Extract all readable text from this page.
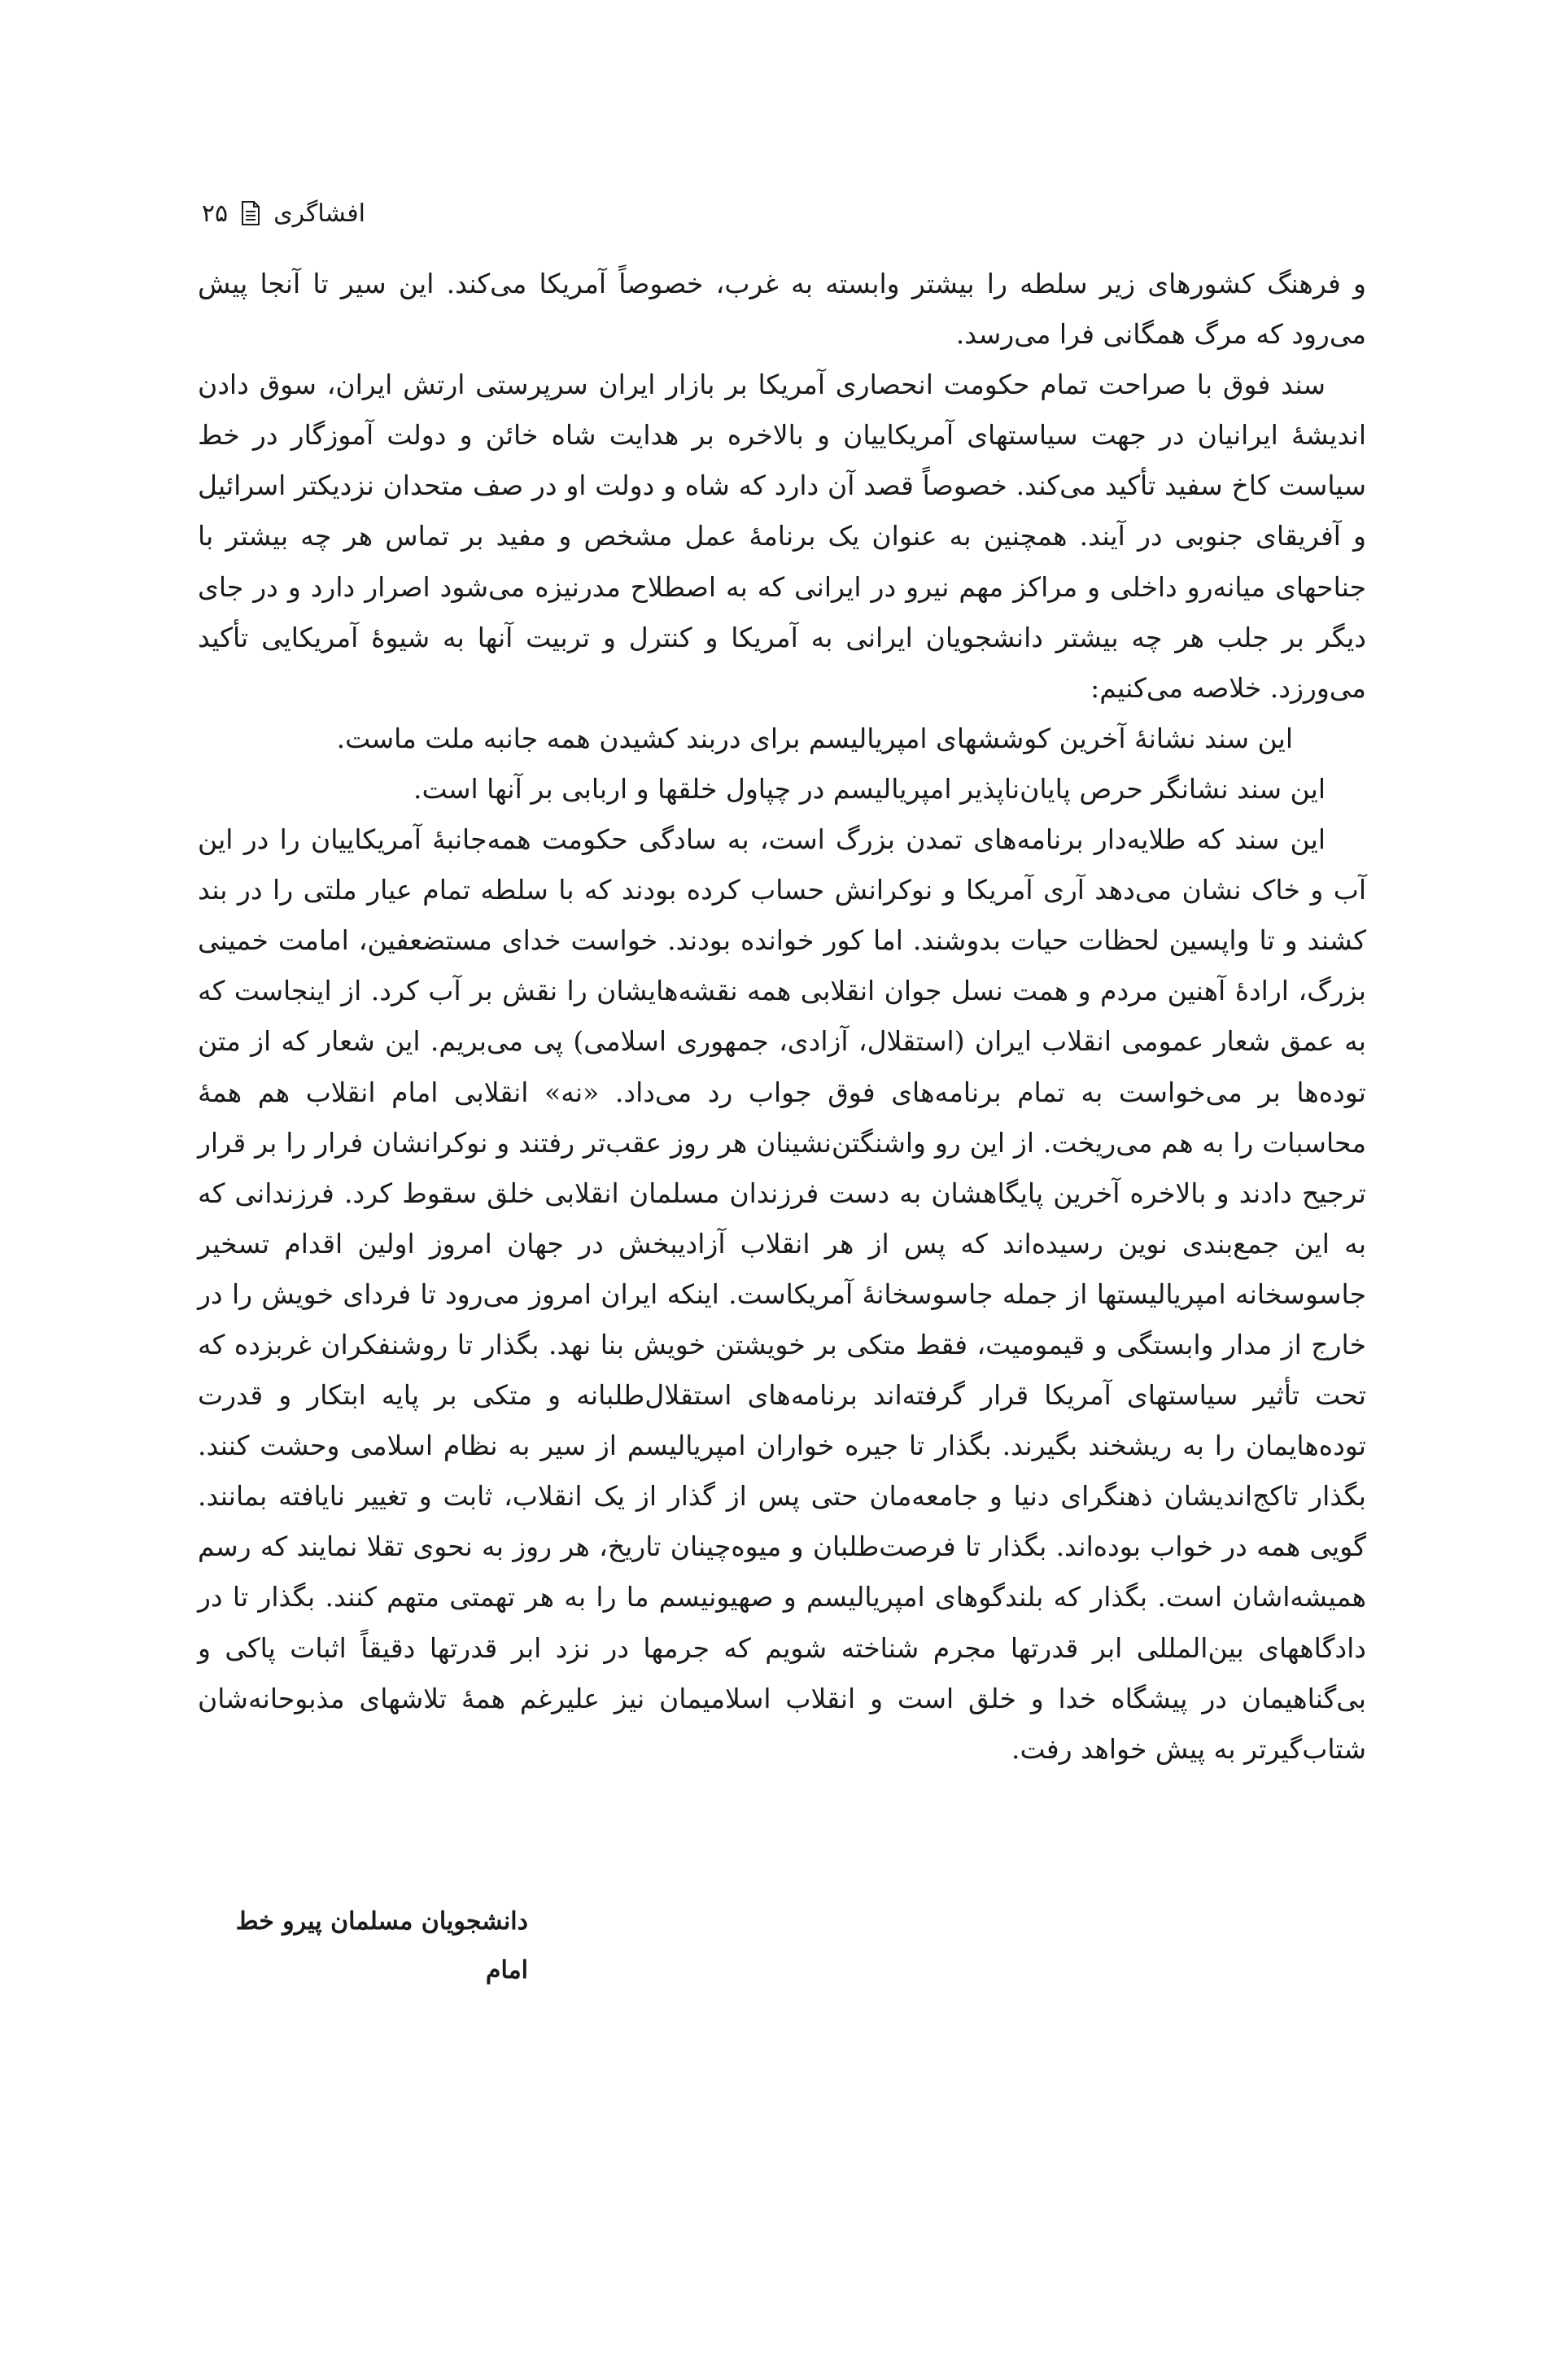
افشاگری
۲۵

و فرهنگ کشورهای زیر سلطه را بیشتر وابسته به غرب، خصوصاً آمریکا می‌کند. این سیر تا آنجا پیش می‌رود که مرگ همگانی فرا می‌رسد.

سند فوق با صراحت تمام حکومت انحصاری آمریکا بر بازار ایران سرپرستی ارتش ایران، سوق دادن اندیشهٔ ایرانیان در جهت سیاستهای آمریکاییان و بالاخره بر هدایت شاه خائن و دولت آموزگار در خط سیاست کاخ سفید تأکید می‌کند. خصوصاً قصد آن دارد که شاه و دولت او در صف متحدان نزدیکتر اسرائیل و آفریقای جنوبی در آیند. همچنین به عنوان یک برنامهٔ عمل مشخص و مفید بر تماس هر چه بیشتر با جناحهای میانه‌رو داخلی و مراکز مهم نیرو در ایرانی که به اصطلاح مدرنیزه می‌شود اصرار دارد و در جای دیگر بر جلب هر چه بیشتر دانشجویان ایرانی به آمریکا و کنترل و تربیت آنها به شیوهٔ آمریکایی تأکید می‌ورزد. خلاصه می‌کنیم:

این سند نشانهٔ آخرین کوششهای امپریالیسم برای دربند کشیدن همه جانبه ملت ماست.

این سند نشانگر حرص پایان‌ناپذیر امپریالیسم در چپاول خلقها و اربابی بر آنها است.

این سند که طلایه‌دار برنامه‌های تمدن بزرگ است، به سادگی حکومت همه‌جانبهٔ آمریکاییان را در این آب و خاک نشان می‌دهد آری آمریکا و نوکرانش حساب کرده بودند که با سلطه تمام عیار ملتی را در بند کشند و تا واپسین لحظات حیات بدوشند. اما کور خوانده بودند. خواست خدای مستضعفین، امامت خمینی بزرگ، ارادهٔ آهنین مردم و همت نسل جوان انقلابی همه نقشه‌هایشان را نقش بر آب کرد. از اینجاست که به عمق شعار عمومی انقلاب ایران (استقلال، آزادی، جمهوری اسلامی) پی می‌بریم. این شعار که از متن توده‌ها بر می‌خواست به تمام برنامه‌های فوق جواب رد می‌داد. «نه» انقلابی امام انقلاب هم همهٔ محاسبات را به هم می‌ریخت. از این رو واشنگتن‌نشینان هر روز عقب‌تر رفتند و نوکرانشان فرار را بر قرار ترجیح دادند و بالاخره آخرین پایگاهشان به دست فرزندان مسلمان انقلابی خلق سقوط کرد. فرزندانی که به این جمع‌بندی نوین رسیده‌اند که پس از هر انقلاب آزادیبخش در جهان امروز اولین اقدام تسخیر جاسوسخانه امپریالیستها از جمله جاسوسخانهٔ آمریکاست. اینکه ایران امروز می‌رود تا فردای خویش را در خارج از مدار وابستگی و قیمومیت، فقط متکی بر خویشتن خویش بنا نهد. بگذار تا روشنفکران غربزده که تحت تأثیر سیاستهای آمریکا قرار گرفته‌اند برنامه‌های استقلال‌طلبانه و متکی بر پایه ابتکار و قدرت توده‌هایمان را به ریشخند بگیرند. بگذار تا جیره خواران امپریالیسم از سیر به نظام اسلامی وحشت کنند. بگذار تاکج‌اندیشان ذهنگرای دنیا و جامعه‌مان حتی پس از گذار از یک انقلاب، ثابت و تغییر نایافته بمانند. گویی همه در خواب بوده‌اند. بگذار تا فرصت‌طلبان و میوه‌چینان تاریخ، هر روز به نحوی تقلا نمایند که رسم همیشه‌اشان است. بگذار که بلندگوهای امپریالیسم و صهیونیسم ما را به هر تهمتی متهم کنند. بگذار تا در دادگاههای بین‌المللی ابر قدرتها مجرم شناخته شویم که جرمها در نزد ابر قدرتها دقیقاً اثبات پاکی و بی‌گناهیمان در پیشگاه خدا و خلق است و انقلاب اسلامیمان نیز علیرغم همهٔ تلاشهای مذبوحانه‌شان شتاب‌گیرتر به پیش خواهد رفت.

دانشجویان مسلمان پیرو خط امام
